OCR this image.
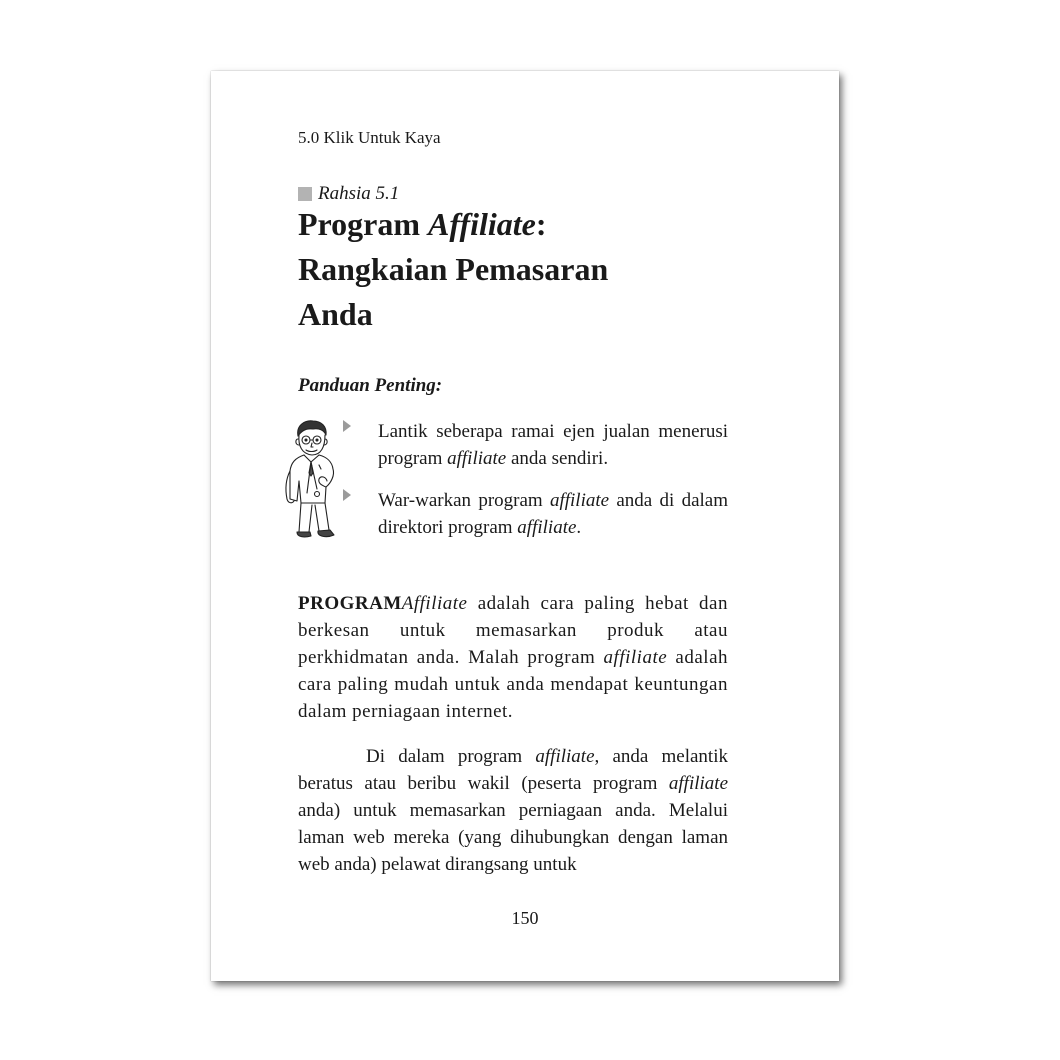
5.0 Klik Untuk Kaya
Rahsia 5.1
Program Affiliate:
Rangkaian Pemasaran
Anda
Panduan Penting:
Lantik seberapa ramai ejen jualan menerusi program affiliate anda sendiri.
War-warkan program affiliate anda di dalam direktori program affiliate.

PROGRAMAffiliate adalah cara paling hebat dan berkesan untuk memasarkan produk atau perkhidmatan anda. Malah program affiliate adalah cara paling mudah untuk anda mendapat keuntungan dalam perniagaan internet.

Di dalam program affiliate, anda melantik beratus atau beribu wakil (peserta program affiliate anda) untuk memasarkan perniagaan anda. Melalui laman web mereka (yang dihubungkan dengan laman web anda) pelawat dirangsang untuk

150
